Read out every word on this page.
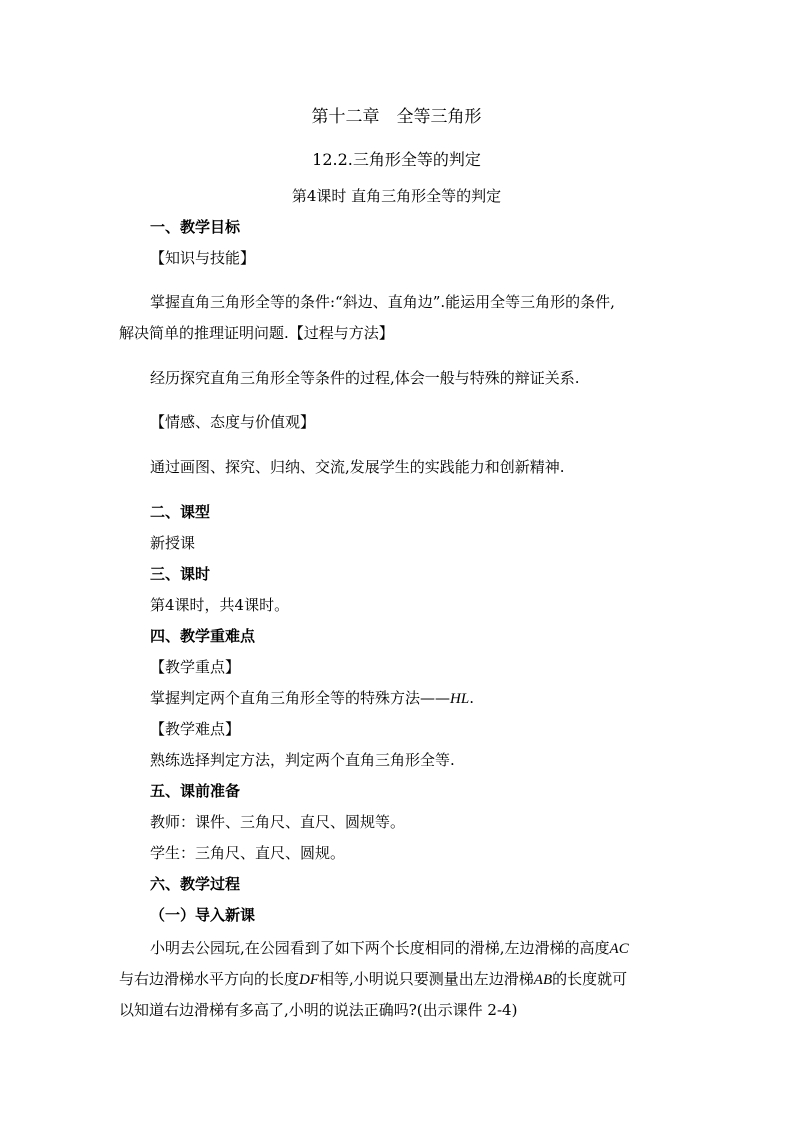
第十二章　全等三角形
12.2.三角形全等的判定
第4课时 直角三角形全等的判定
一、教学目标
【知识与技能】
掌握直角三角形全等的条件:“斜边、直角边”.能运用全等三角形的条件,
解决简单的推理证明问题.【过程与方法】
经历探究直角三角形全等条件的过程,体会一般与特殊的辩证关系.
【情感、态度与价值观】
通过画图、探究、归纳、交流,发展学生的实践能力和创新精神.
二、课型
新授课
三、课时
第4课时，共4课时。
四、教学重难点
【教学重点】
掌握判定两个直角三角形全等的特殊方法——HL.
【教学难点】
熟练选择判定方法，判定两个直角三角形全等.
五、课前准备
教师：课件、三角尺、直尺、圆规等。
学生：三角尺、直尺、圆规。
六、教学过程
（一）导入新课
小明去公园玩,在公园看到了如下两个长度相同的滑梯,左边滑梯的高度AC
与右边滑梯水平方向的长度DF相等,小明说只要测量出左边滑梯AB的长度就可
以知道右边滑梯有多高了,小明的说法正确吗?(出示课件 2-4)
